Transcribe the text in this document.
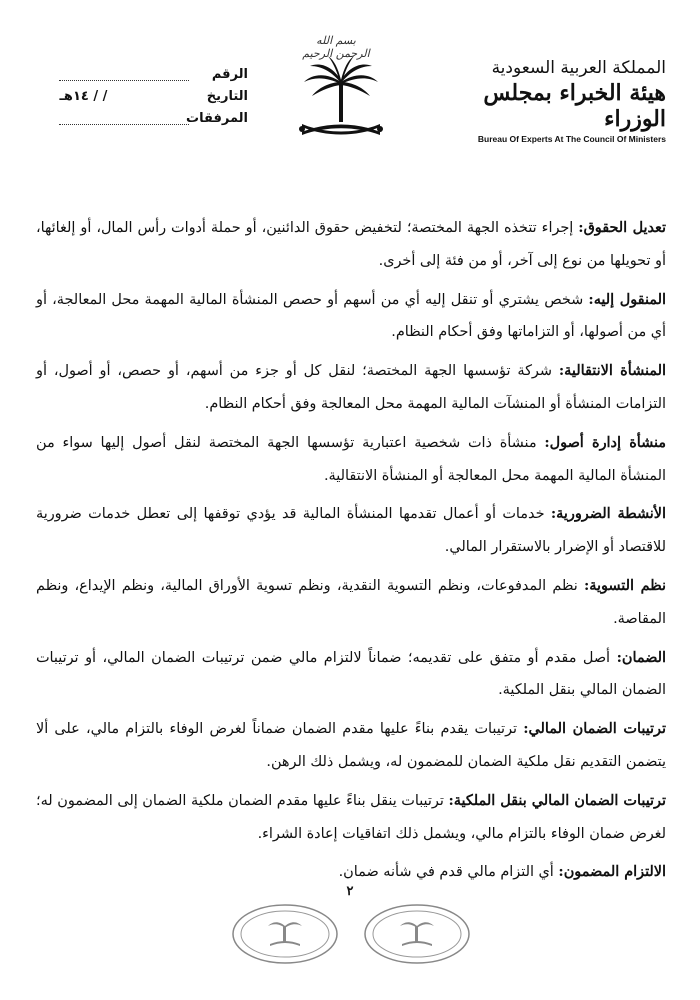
الرقم
التاريخ / / ١٤هـ
المرفقات
بسم الله الرحمن الرحيم
المملكة العربية السعودية
هيئة الخبراء بمجلس الوزراء
Bureau Of Experts At The Council Of Ministers

تعديل الحقوق: إجراء تتخذه الجهة المختصة؛ لتخفيض حقوق الدائنين، أو حملة أدوات رأس المال، أو إلغائها، أو تحويلها من نوع إلى آخر، أو من فئة إلى أخرى.

المنقول إليه: شخص يشتري أو تنقل إليه أي من أسهم أو حصص المنشأة المالية المهمة محل المعالجة، أو أي من أصولها، أو التزاماتها وفق أحكام النظام.

المنشأة الانتقالية: شركة تؤسسها الجهة المختصة؛ لنقل كل أو جزء من أسهم، أو حصص، أو أصول، أو التزامات المنشأة أو المنشآت المالية المهمة محل المعالجة وفق أحكام النظام.

منشأة إدارة أصول: منشأة ذات شخصية اعتبارية تؤسسها الجهة المختصة لنقل أصول إليها سواء من المنشأة المالية المهمة محل المعالجة أو المنشأة الانتقالية.

الأنشطة الضرورية: خدمات أو أعمال تقدمها المنشأة المالية قد يؤدي توقفها إلى تعطل خدمات ضرورية للاقتصاد أو الإضرار بالاستقرار المالي.

نظم التسوية: نظم المدفوعات، ونظم التسوية النقدية، ونظم تسوية الأوراق المالية، ونظم الإيداع، ونظم المقاصة.

الضمان: أصل مقدم أو متفق على تقديمه؛ ضماناً لالتزام مالي ضمن ترتيبات الضمان المالي، أو ترتيبات الضمان المالي بنقل الملكية.

ترتيبات الضمان المالي: ترتيبات يقدم بناءً عليها مقدم الضمان ضماناً لغرض الوفاء بالتزام مالي، على ألا يتضمن التقديم نقل ملكية الضمان للمضمون له، ويشمل ذلك الرهن.

ترتيبات الضمان المالي بنقل الملكية: ترتيبات ينقل بناءً عليها مقدم الضمان ملكية الضمان إلى المضمون له؛ لغرض ضمان الوفاء بالتزام مالي، ويشمل ذلك اتفاقيات إعادة الشراء.

الالتزام المضمون: أي التزام مالي قدم في شأنه ضمان.

٢
